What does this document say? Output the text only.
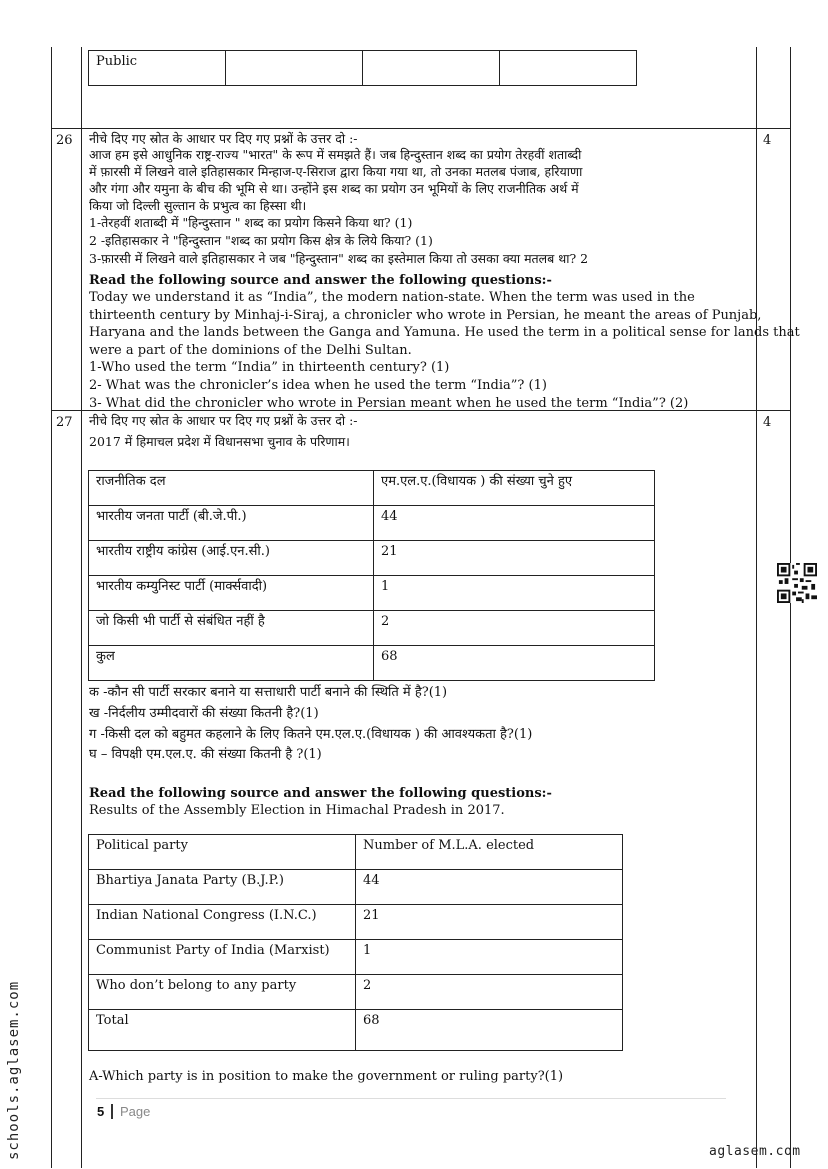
Public			
26	4
नीचे दिए गए स्रोत के आधार पर दिए गए प्रश्नों के उत्तर दो :-
आज हम इसे आधुनिक राष्ट्र-राज्य "भारत" के रूप में समझते हैं। जब हिन्दुस्तान शब्द का प्रयोग तेरहवीं शताब्दी
में फ़ारसी में लिखने वाले इतिहासकार मिन्हाज-ए-सिराज द्वारा किया गया था, तो उनका मतलब पंजाब, हरियाणा
और गंगा और यमुना के बीच की भूमि से था। उन्होंने इस शब्द का प्रयोग उन भूमियों के लिए राजनीतिक अर्थ में
किया जो दिल्ली सुल्तान के प्रभुत्व का हिस्सा थी।
1-तेरहवीं शताब्दी में "हिन्दुस्तान " शब्द का प्रयोग किसने किया था? (1)
2 -इतिहासकार ने "हिन्दुस्तान "शब्द का प्रयोग किस क्षेत्र के लिये किया? (1)
3-फ़ारसी में लिखने वाले इतिहासकार ने जब "हिन्दुस्तान" शब्द का इस्तेमाल किया तो उसका क्या मतलब था? 2
Read the following source and answer the following questions:-
Today we understand it as “India”, the modern nation-state. When the term was used in the
thirteenth century by Minhaj-i-Siraj, a chronicler who wrote in Persian, he meant the areas of Punjab,
Haryana and the lands between the Ganga and Yamuna. He used the term in a political sense for lands that
were a part of the dominions of the Delhi Sultan.
1-Who used the term “India” in thirteenth century? (1)
2- What was the chronicler’s idea when he used the term “India”? (1)
3- What did the chronicler who wrote in Persian meant when he used the term “India”? (2)
27	4
नीचे दिए गए स्रोत के आधार पर दिए गए प्रश्नों के उत्तर दो :-
2017 में हिमाचल प्रदेश में विधानसभा चुनाव के परिणाम।
राजनीतिक दल	एम.एल.ए.(विधायक ) की संख्या चुने हुए
भारतीय जनता पार्टी (बी.जे.पी.)	44
भारतीय राष्ट्रीय कांग्रेस (आई.एन.सी.)	21
भारतीय कम्युनिस्ट पार्टी (मार्क्सवादी)	1
जो किसी भी पार्टी से संबंधित नहीं है	2
कुल	68
क -कौन सी पार्टी सरकार बनाने या सत्ताधारी पार्टी बनाने की स्थिति में है?(1)
ख -निर्दलीय उम्मीदवारों की संख्या कितनी है?(1)
ग -किसी दल को बहुमत कहलाने के लिए कितने एम.एल.ए.(विधायक ) की आवश्यकता है?(1)
घ – विपक्षी एम.एल.ए. की संख्या कितनी है ?(1)
Read the following source and answer the following questions:-
Results of the Assembly Election in Himachal Pradesh in 2017.
Political party	Number of M.L.A. elected
Bhartiya Janata Party (B.J.P.)	44
Indian National Congress (I.N.C.)	21
Communist Party of India (Marxist)	1
Who don’t belong to any party	2
Total	68
A-Which party is in position to make the government or ruling party?(1)
5 Page
aglasem.com
schools.aglasem.com
